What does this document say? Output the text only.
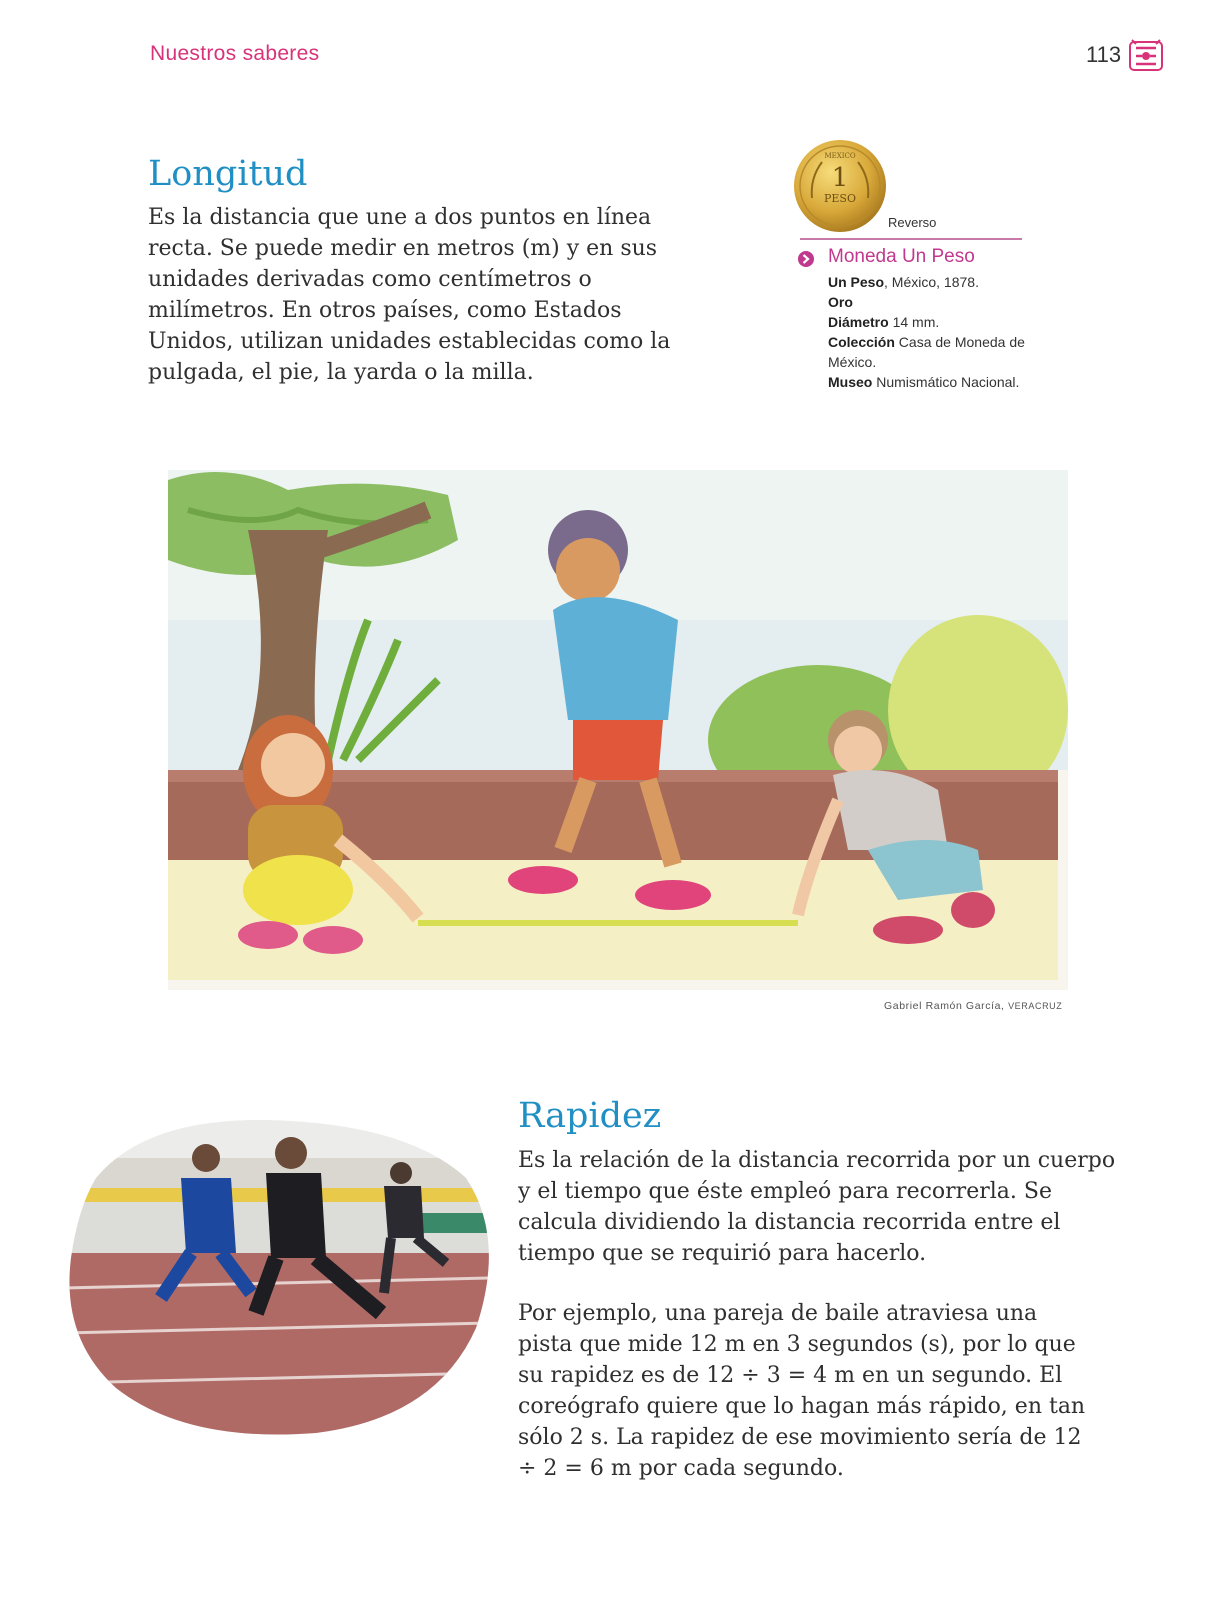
Nuestros saberes	113
Longitud

Es la distancia que une a dos puntos en línea recta. Se puede medir en metros (m) y en sus unidades derivadas como centímetros o milímetros. En otros países, como Estados Unidos, utilizan unidades establecidas como la pulgada, el pie, la yarda o la milla.

MEXICO
1
PESO
Reverso
Moneda Un Peso
Un Peso, México, 1878.
Oro
Diámetro 14 mm.
Colección Casa de Moneda de México.
Museo Numismático Nacional.
Gabriel Ramón García, VERACRUZ
Rapidez

Es la relación de la distancia recorrida por un cuerpo y el tiempo que éste empleó para recorrerla. Se calcula dividiendo la distancia recorrida entre el tiempo que se requirió para hacerlo.

Por ejemplo, una pareja de baile atraviesa una pista que mide 12 m en 3 segundos (s), por lo que su rapidez es de 12 ÷ 3 = 4 m en un segundo. El coreógrafo quiere que lo hagan más rápido, en tan sólo 2 s. La rapidez de ese movimiento sería de 12 ÷ 2 = 6 m por cada segundo.
